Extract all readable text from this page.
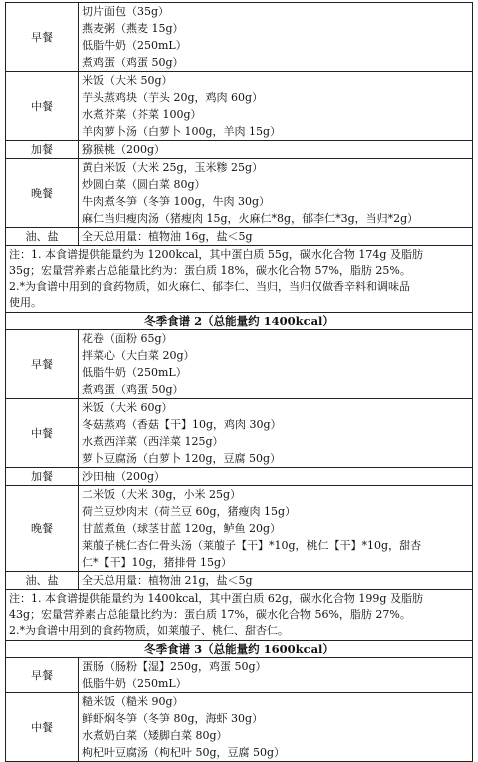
早餐	切片面包（35g）
燕麦粥（燕麦 15g）
低脂牛奶（250mL）
煮鸡蛋（鸡蛋 50g）

中餐	米饭（大米 50g）
芋头蒸鸡块（芋头 20g，鸡肉 60g）
水煮芥菜（芥菜 100g）
羊肉萝卜汤（白萝卜 100g，羊肉 15g）

加餐	猕猴桃（200g）

晚餐	黄白米饭（大米 25g，玉米糁 25g）
炒圆白菜（圆白菜 80g）
牛肉煮冬笋（冬笋 100g，牛肉 30g）
麻仁当归瘦肉汤（猪瘦肉 15g，火麻仁*8g，郁李仁*3g，当归*2g）

油、盐	全天总用量：植物油 16g，盐＜5g

注：1. 本食谱提供能量约为 1200kcal，其中蛋白质 55g，碳水化合物 174g 及脂肪
35g；宏量营养素占总能量比约为：蛋白质 18%，碳水化合物 57%，脂肪 25%。
2.*为食谱中用到的食药物质，如火麻仁、郁李仁、当归，当归仅做香辛料和调味品
使用。	

冬季食谱 2（总能量约 1400kcal）	
早餐	花卷（面粉 65g）
拌菜心（大白菜 20g）
低脂牛奶（250mL）
煮鸡蛋（鸡蛋 50g）

中餐	米饭（大米 60g）
冬菇蒸鸡（香菇【干】10g，鸡肉 30g）
水煮西洋菜（西洋菜 125g）
萝卜豆腐汤（白萝卜 120g，豆腐 50g）

加餐	沙田柚（200g）

晚餐	二米饭（大米 30g，小米 25g）
荷兰豆炒肉末（荷兰豆 60g，猪瘦肉 15g）
甘蓝煮鱼（球茎甘蓝 120g，鲈鱼 20g）
莱菔子桃仁杏仁骨头汤（莱菔子【干】*10g，桃仁【干】*10g，甜杏
仁*【干】10g，猪排骨 15g）

油、盐	全天总用量：植物油 21g，盐＜5g

注：1. 本食谱提供能量约为 1400kcal，其中蛋白质 62g，碳水化合物 199g 及脂肪
43g；宏量营养素占总能量比约为：蛋白质 17%，碳水化合物 56%，脂肪 27%。
2.*为食谱中用到的食药物质，如莱菔子、桃仁、甜杏仁。	

冬季食谱 3（总能量约 1600kcal）	
早餐	蛋肠（肠粉【湿】250g，鸡蛋 50g）
低脂牛奶（250mL）

中餐	糙米饭（糙米 90g）
鲜虾焖冬笋（冬笋 80g，海虾 30g）
水煮奶白菜（矮脚白菜 80g）
枸杞叶豆腐汤（枸杞叶 50g，豆腐 50g）
